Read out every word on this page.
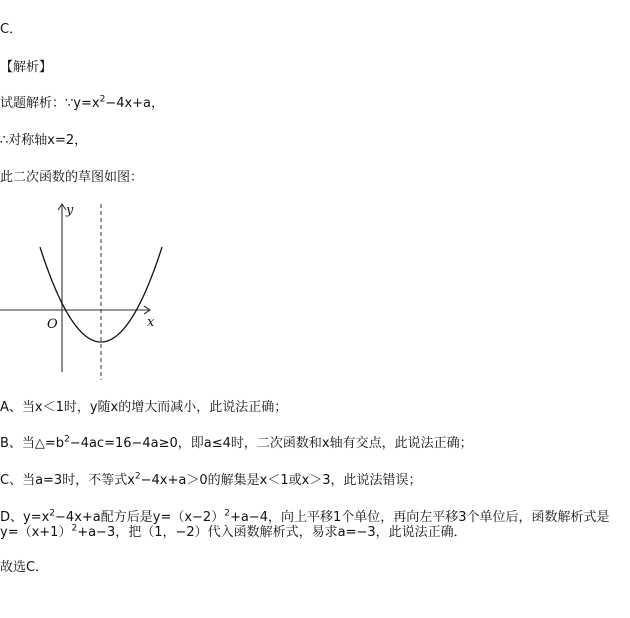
C．
【解析】
试题解析：$\because y=x^2-4x+a$，
∴对称轴x=2，
此二次函数的草图如图：
y
x
O
A、当x＜1时，y随x的增大而减小，此说法正确；
B、当$\triangle=b^2-4ac=16-4a\ge 0$，即a≤4时，二次函数和x轴有交点，此说法正确；
C、当a=3时，不等式$x^2-4x+a>0$的解集是x＜1或x＞3，此说法错误；
D、$y=x^2-4x+a$配方后是$y=(x-2)^2+a-4$，向上平移1个单位，再向左平移3个单位后，函数解析式是
$y=(x+1)^2+a-3$，把（1，−2）代入函数解析式，易求a=−3，此说法正确．
故选C．
